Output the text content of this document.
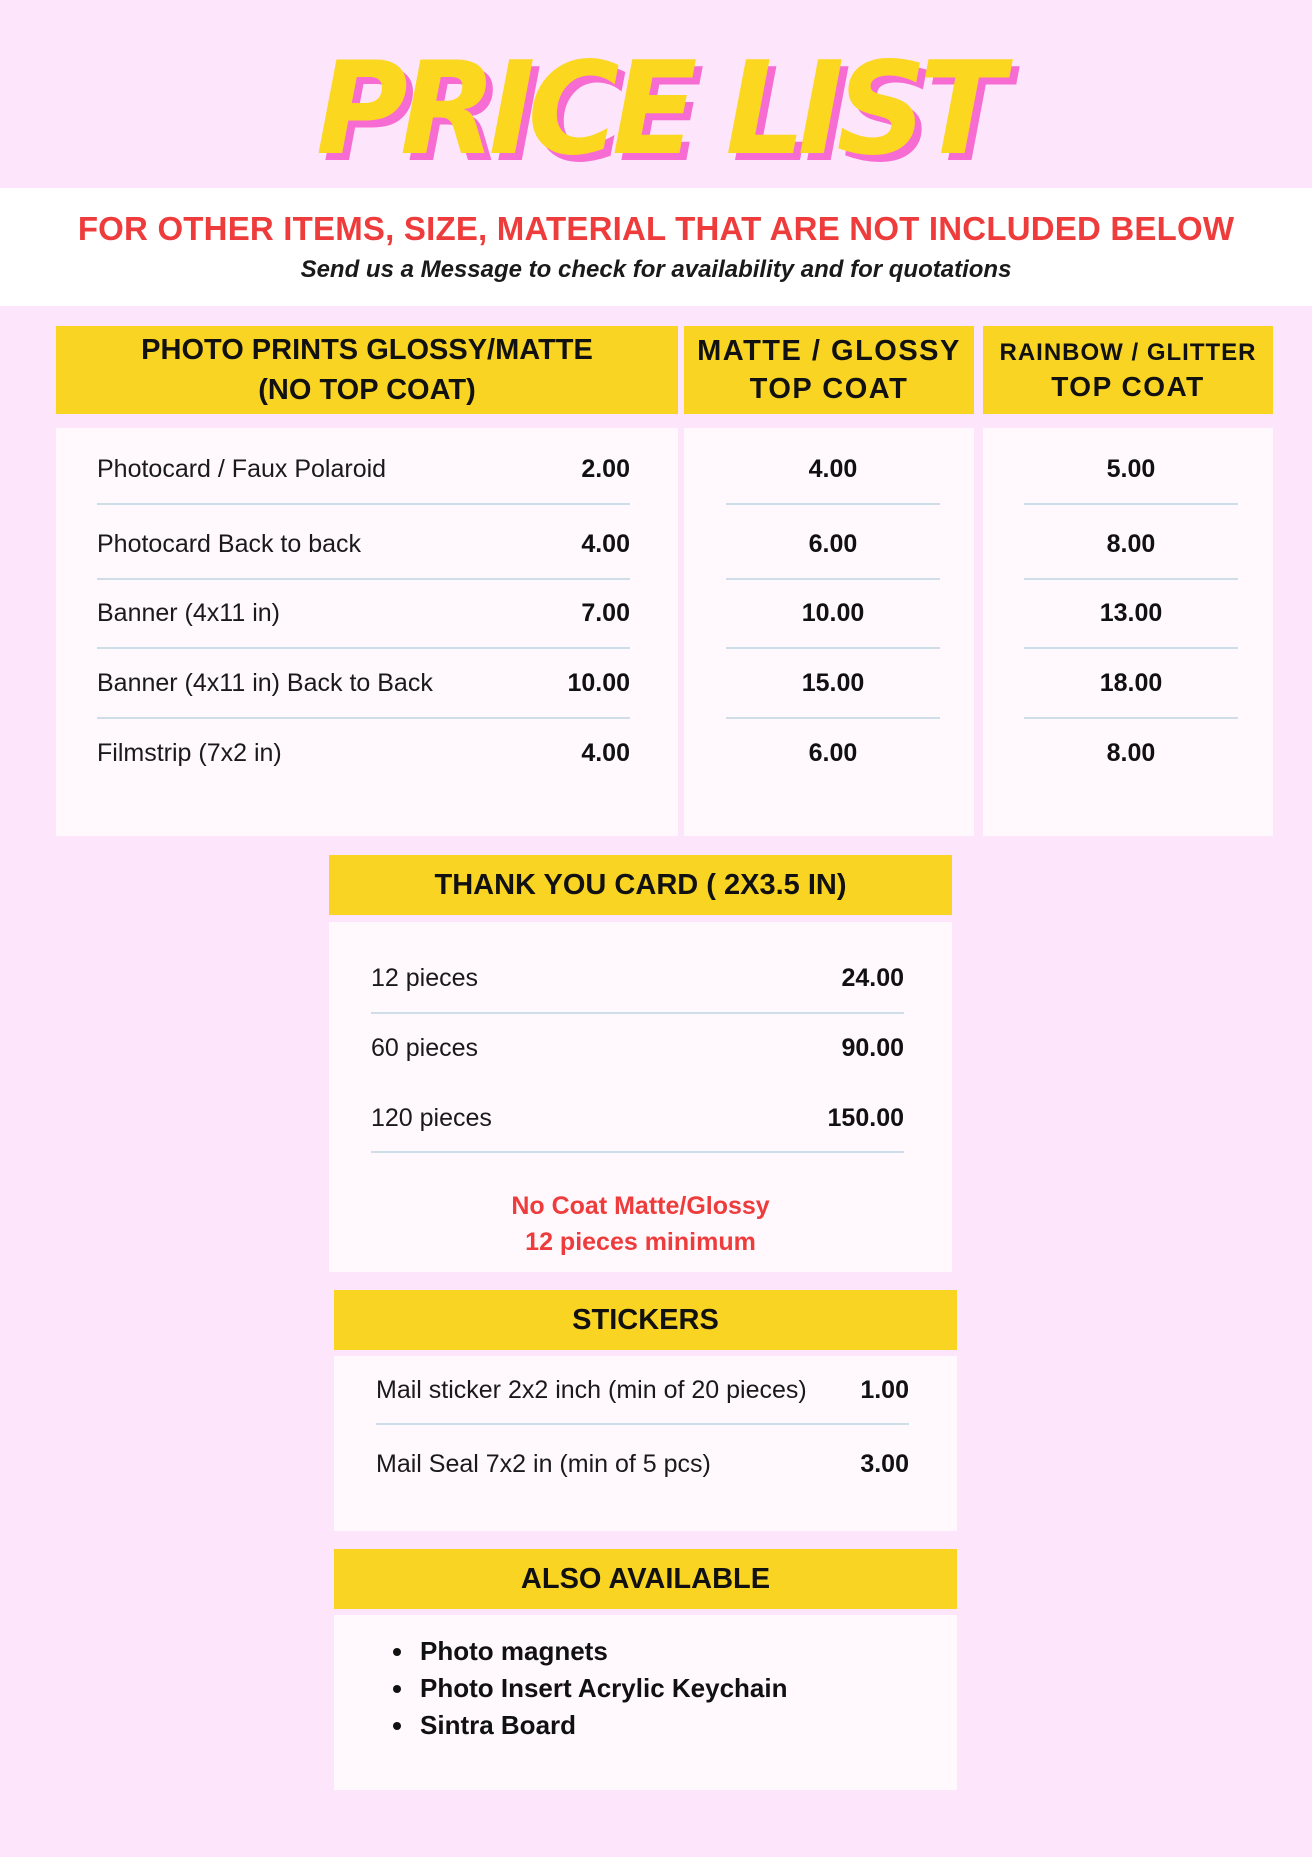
PRICE LIST
FOR OTHER ITEMS, SIZE, MATERIAL THAT ARE NOT INCLUDED BELOW
Send us a Message to check for availability and for quotations
PHOTO PRINTS GLOSSY/MATTE
(NO TOP COAT)
MATTE / GLOSSY
TOP COAT
RAINBOW / GLITTER
TOP COAT
Photocard / Faux Polaroid	2.00	4.00	5.00
Photocard Back to back	4.00	6.00	8.00
Banner (4x11 in)	7.00	10.00	13.00
Banner (4x11 in) Back to Back	10.00	15.00	18.00
Filmstrip (7x2 in)	4.00	6.00	8.00
THANK YOU CARD ( 2X3.5 IN)
12 pieces	24.00
60 pieces	90.00
120 pieces	150.00
No Coat Matte/Glossy
12 pieces minimum
STICKERS
Mail sticker 2x2 inch (min of 20 pieces) 1.00
Mail Seal 7x2 in (min of 5 pcs)	3.00
ALSO AVAILABLE
Photo magnets
Photo Insert Acrylic Keychain
Sintra Board
